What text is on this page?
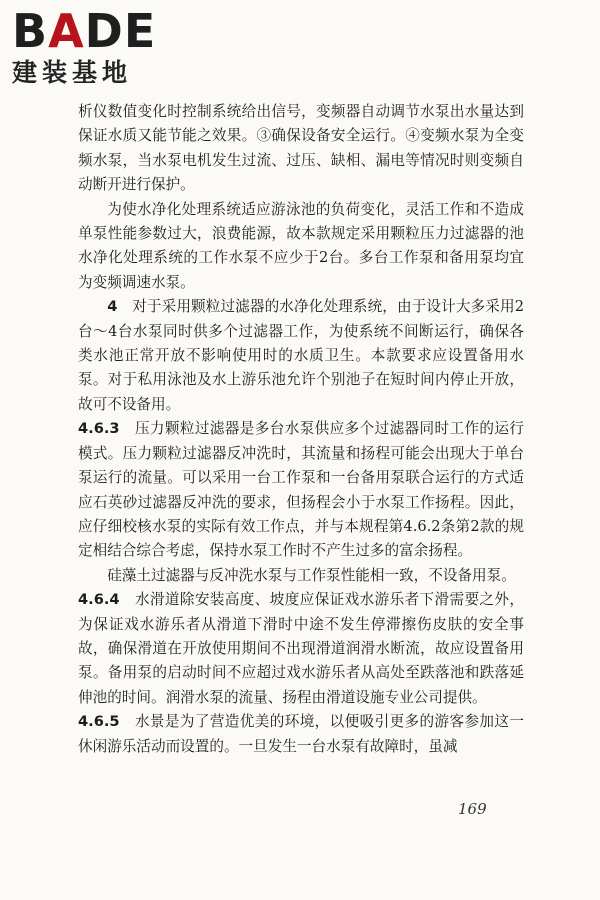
BADE
建装基地

析仪数值变化时控制系统给出信号，变频器自动调节水泵出水量达到保证水质又能节能之效果。③确保设备安全运行。④变频水泵为全变频水泵，当水泵电机发生过流、过压、缺相、漏电等情况时则变频自动断开进行保护。

为使水净化处理系统适应游泳池的负荷变化，灵活工作和不造成单泵性能参数过大，浪费能源，故本款规定采用颗粒压力过滤器的池水净化处理系统的工作水泵不应少于2台。多台工作泵和备用泵均宜为变频调速水泵。

4　 对于采用颗粒过滤器的水净化处理系统，由于设计大多采用2台～4台水泵同时供多个过滤器工作，为使系统不间断运行，确保各类水池正常开放不影响使用时的水质卫生。本款要求应设置备用水泵。对于私用泳池及水上游乐池允许个别池子在短时间内停止开放，故可不设备用。

4.6.3　 压力颗粒过滤器是多台水泵供应多个过滤器同时工作的运行模式。压力颗粒过滤器反冲洗时，其流量和扬程可能会出现大于单台泵运行的流量。可以采用一台工作泵和一台备用泵联合运行的方式适应石英砂过滤器反冲洗的要求，但扬程会小于水泵工作扬程。因此，应仔细校核水泵的实际有效工作点，并与本规程第4.6.2条第2款的规定相结合综合考虑，保持水泵工作时不产生过多的富余扬程。

硅藻土过滤器与反冲洗水泵与工作泵性能相一致，不设备用泵。

4.6.4　 水滑道除安装高度、坡度应保证戏水游乐者下滑需要之外，为保证戏水游乐者从滑道下滑时中途不发生停滞擦伤皮肤的安全事故，确保滑道在开放使用期间不出现滑道润滑水断流，故应设置备用泵。备用泵的启动时间不应超过戏水游乐者从高处至跌落池和跌落延伸池的时间。润滑水泵的流量、扬程由滑道设施专业公司提供。

4.6.5　 水景是为了营造优美的环境，以便吸引更多的游客参加这一休闲游乐活动而设置的。一旦发生一台水泵有故障时，虽减

169
